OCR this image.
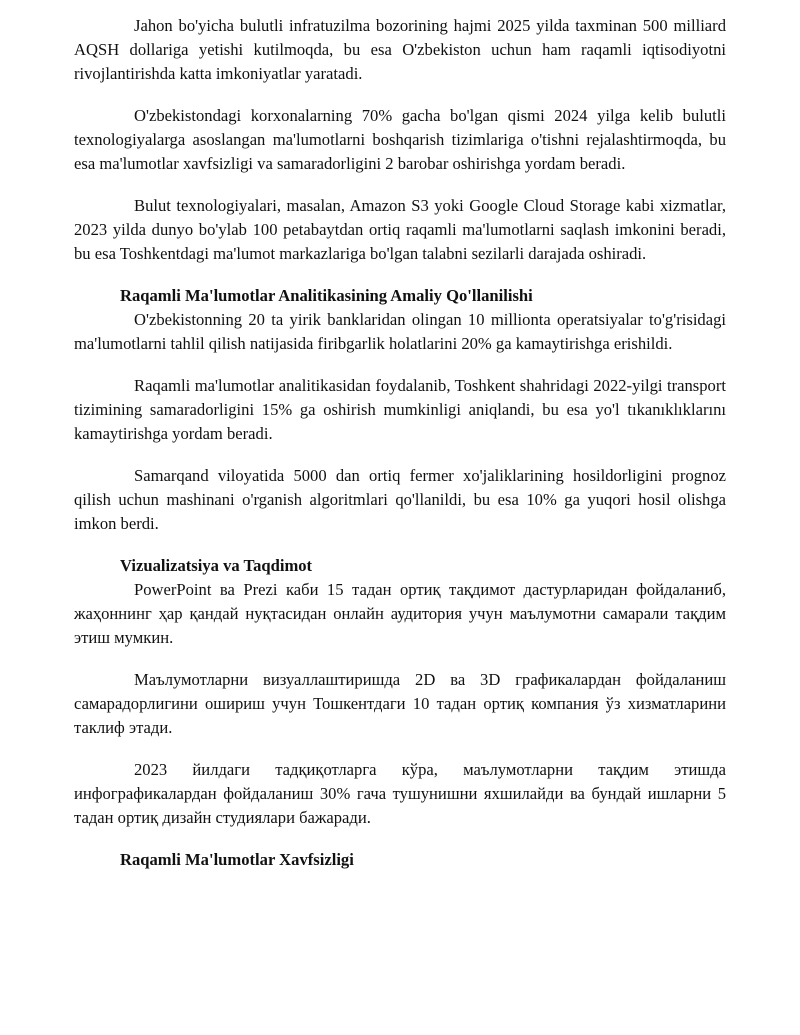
Jahon bo'yicha bulutli infratuzilma bozorining hajmi 2025 yilda taxminan 500 milliard AQSH dollariga yetishi kutilmoqda, bu esa O'zbekiston uchun ham raqamli iqtisodiyotni rivojlantirishda katta imkoniyatlar yaratadi.

O'zbekistondagi korxonalarning 70% gacha bo'lgan qismi 2024 yilga kelib bulutli texnologiyalarga asoslangan ma'lumotlarni boshqarish tizimlariga o'tishni rejalashtirmoqda, bu esa ma'lumotlar xavfsizligi va samaradorligini 2 barobar oshirishga yordam beradi.

Bulut texnologiyalari, masalan, Amazon S3 yoki Google Cloud Storage kabi xizmatlar, 2023 yilda dunyo bo'ylab 100 petabaytdan ortiq raqamli ma'lumotlarni saqlash imkonini beradi, bu esa Toshkentdagi ma'lumot markazlariga bo'lgan talabni sezilarli darajada oshiradi.

Raqamli Ma'lumotlar Analitikasining Amaliy Qo'llanilishi

O'zbekistonning 20 ta yirik banklaridan olingan 10 millionta operatsiyalar to'g'risidagi ma'lumotlarni tahlil qilish natijasida firibgarlik holatlarini 20% ga kamaytirishga erishildi.

Raqamli ma'lumotlar analitikasidan foydalanib, Toshkent shahridagi 2022-yilgi transport tizimining samaradorligini 15% ga oshirish mumkinligi aniqlandi, bu esa yo'l tıkanıklıklarını kamaytirishga yordam beradi.

Samarqand viloyatida 5000 dan ortiq fermer xo'jaliklarining hosildorligini prognoz qilish uchun mashinani o'rganish algoritmlari qo'llanildi, bu esa 10% ga yuqori hosil olishga imkon berdi.

Vizualizatsiya va Taqdimot

PowerPoint ва Prezi каби 15 тадан ортиқ тақдимот дастурларидан фойдаланиб, жаҳоннинг ҳар қандай нуқтасидан онлайн аудитория учун маълумотни самарали тақдим этиш мумкин.

Маълумотларни визуаллаштиришда 2D ва 3D графикалардан фойдаланиш самарадорлигини ошириш учун Тошкентдаги 10 тадан ортиқ компания ўз хизматларини таклиф этади.

2023 йилдаги тадқиқотларга кўра, маълумотларни тақдим этишда инфографикалардан фойдаланиш 30% гача тушунишни яхшилайди ва бундай ишларни 5 тадан ортиқ дизайн студиялари бажаради.

Raqamli Ma'lumotlar Xavfsizligi
